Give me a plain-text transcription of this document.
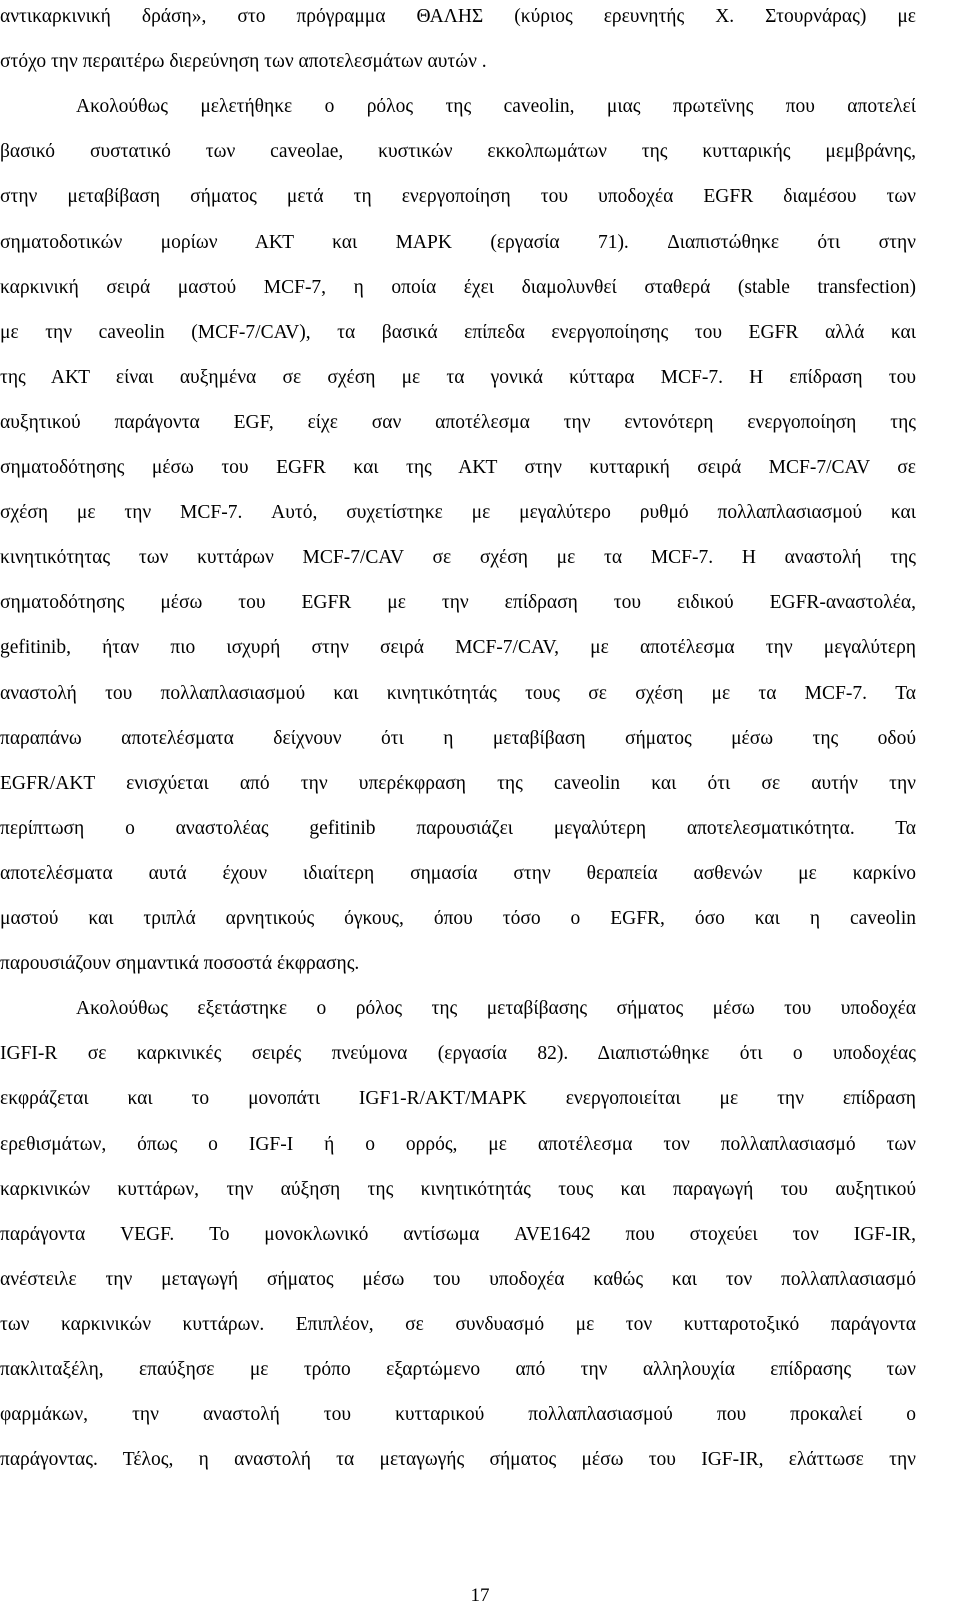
αντικαρκινική δράση», στο πρόγραμμα ΘΑΛΗΣ (κύριος ερευνητής Χ. Στουρνάρας) με
στόχο την περαιτέρω διερεύνηση των αποτελεσμάτων αυτών .
Ακολούθως μελετήθηκε ο ρόλος της caveolin, μιας πρωτεϊνης που αποτελεί
βασικό συστατικό των caveolae, κυστικών εκκολπωμάτων της κυτταρικής μεμβράνης,
στην μεταβίβαση σήματος μετά τη ενεργοποίηση του υποδοχέα EGFR διαμέσου των
σηματοδοτικών μορίων ΑΚΤ και MAPK (εργασία 71). Διαπιστώθηκε ότι στην
καρκινική σειρά μαστού MCF-7, η οποία έχει διαμολυνθεί σταθερά (stable transfection)
με την caveolin (MCF-7/CAV), τα βασικά επίπεδα ενεργοποίησης του EGFR αλλά και
της ΑΚΤ είναι αυξημένα σε σχέση με τα γονικά κύτταρα MCF-7. Η επίδραση του
αυξητικού παράγοντα EGF, είχε σαν αποτέλεσμα την εντονότερη ενεργοποίηση της
σηματοδότησης μέσω του EGFR και της ΑΚΤ στην κυτταρική σειρά MCF-7/CAV σε
σχέση με την MCF-7. Αυτό, συχετίστηκε με μεγαλύτερο ρυθμό πολλαπλασιασμού και
κινητικότητας των κυττάρων MCF-7/CAV σε σχέση με τα MCF-7. Η αναστολή της
σηματοδότησης μέσω του EGFR με την επίδραση του ειδικού EGFR-αναστολέα,
gefitinib, ήταν πιο ισχυρή στην σειρά MCF-7/CAV, με αποτέλεσμα την μεγαλύτερη
αναστολή του πολλαπλασιασμού και κινητικότητάς τους σε σχέση με τα MCF-7. Τα
παραπάνω αποτελέσματα δείχνουν ότι η μεταβίβαση σήματος μέσω της οδού
EGFR/AKT ενισχύεται από την υπερέκφραση της caveolin και ότι σε αυτήν την
περίπτωση ο αναστολέας gefitinib παρουσιάζει μεγαλύτερη αποτελεσματικότητα. Τα
αποτελέσματα αυτά έχουν ιδιαίτερη σημασία στην θεραπεία ασθενών με καρκίνο
μαστού και τριπλά αρνητικούς όγκους, όπου τόσο ο EGFR, όσο και η caveolin
παρουσιάζουν σημαντικά ποσοστά έκφρασης.
Ακολούθως εξετάστηκε ο ρόλος της μεταβίβασης σήματος μέσω του υποδοχέα
IGFI-R σε καρκινικές σειρές πνεύμονα (εργασία 82). Διαπιστώθηκε ότι ο υποδοχέας
εκφράζεται και το μονοπάτι IGF1-R/AKT/MAPK ενεργοποιείται με την επίδραση
ερεθισμάτων, όπως ο IGF-I ή ο ορρός, με αποτέλεσμα τον πολλαπλασιασμό των
καρκινικών κυττάρων, την αύξηση της κινητικότητάς τους και παραγωγή του αυξητικού
παράγοντα VEGF. Το μονοκλωνικό αντίσωμα AVE1642 που στοχεύει τον IGF-IR,
ανέστειλε την μεταγωγή σήματος μέσω του υποδοχέα καθώς και τον πολλαπλασιασμό
των καρκινικών κυττάρων. Επιπλέον, σε συνδυασμό με τον κυτταροτοξικό παράγοντα
πακλιταξέλη, επαύξησε με τρόπο εξαρτώμενο από την αλληλουχία επίδρασης των
φαρμάκων, την αναστολή του κυτταρικού πολλαπλασιασμού που προκαλεί ο
παράγοντας. Τέλος, η αναστολή τα μεταγωγής σήματος μέσω του IGF-IR, ελάττωσε την
17
